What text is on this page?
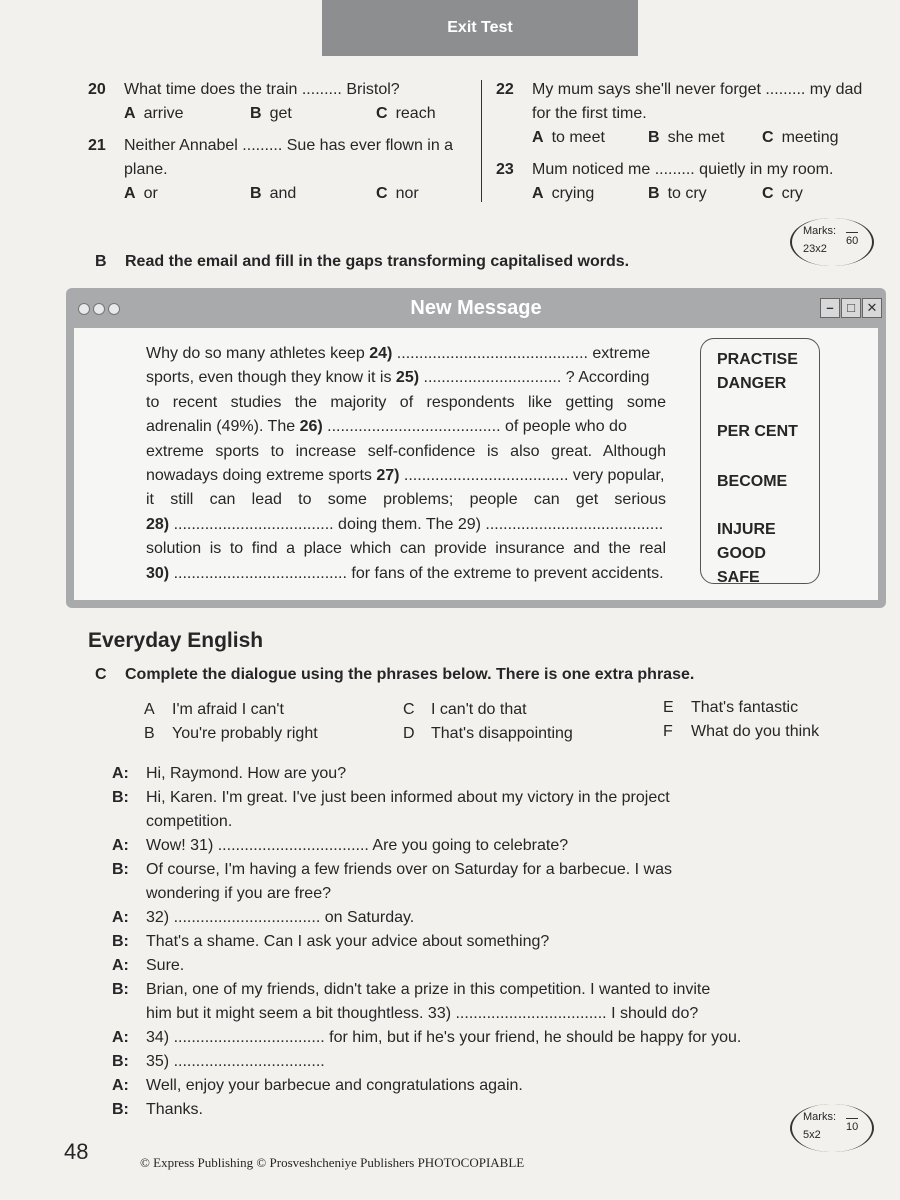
Exit Test
20	What time does the train ......... Bristol?
A arrive	B get	C reach
21	Neither Annabel ......... Sue has ever flown in a
plane.
A or	B and	C nor
22	My mum says she'll never forget ......... my dad
for the first time.
A to meet	B she met	C meeting
23	Mum noticed me ......... quietly in my room.
A crying	B to cry	C cry
Marks:
23x2
60
B Read the email and fill in the gaps transforming capitalised words.
New Message	–	□ ✕
Why do so many athletes keep 24) ........................................... extreme
sports, even though they know it is 25) ............................... ? According
to recent studies the majority of respondents like getting some
adrenalin (49%). The 26) ....................................... of people who do
extreme sports to increase self-confidence is also great. Although
nowadays doing extreme sports 27) ..................................... very popular,
it still can lead to some problems; people can get serious
28) .................................... doing them. The 29) ........................................
solution is to find a place which can provide insurance and the real
30) ....................................... for fans of the extreme to prevent accidents.
PRACTISE
DANGER
PER CENT
BECOME
INJURE
GOOD
SAFE
Everyday English
C Complete the dialogue using the phrases below. There is one extra phrase.
A I'm afraid I can't
B You're probably right
C I can't do that
D That's disappointing
E That's fantastic
F What do you think
A:	Hi, Raymond. How are you?
B:	Hi, Karen. I'm great. I've just been informed about my victory in the project
competition.
A:	Wow! 31) .................................. Are you going to celebrate?
B:	Of course, I'm having a few friends over on Saturday for a barbecue. I was
wondering if you are free?
A:	32) ................................. on Saturday.
B:	That's a shame. Can I ask your advice about something?
A:	Sure.
B:	Brian, one of my friends, didn't take a prize in this competition. I wanted to invite
him but it might seem a bit thoughtless. 33) .................................. I should do?
A:	34) .................................. for him, but if he's your friend, he should be happy for you.
B:	35) ..................................
A:	Well, enjoy your barbecue and congratulations again.
B:	Thanks.	Marks:
5x2
10
48	© Express Publishing © Prosveshcheniye Publishers PHOTOCOPIABLE
